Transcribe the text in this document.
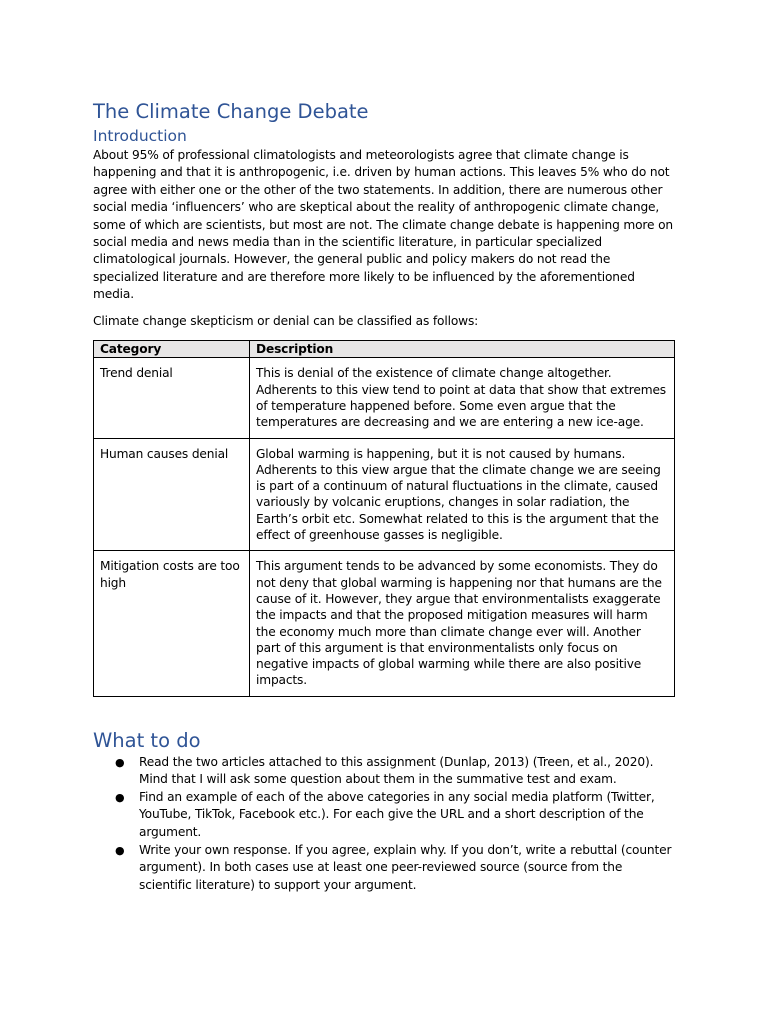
The Climate Change Debate
Introduction

About 95% of professional climatologists and meteorologists agree that climate change is happening and that it is anthropogenic, i.e. driven by human actions. This leaves 5% who do not agree with either one or the other of the two statements. In addition, there are numerous other social media ‘influencers’ who are skeptical about the reality of anthropogenic climate change, some of which are scientists, but most are not. The climate change debate is happening more on social media and news media than in the scientific literature, in particular specialized climatological journals. However, the general public and policy makers do not read the specialized literature and are therefore more likely to be influenced by the aforementioned media.

Climate change skepticism or denial can be classified as follows:

Category	Description
Trend denial	This is denial of the existence of climate change altogether. Adherents to this view tend to point at data that show that extremes of temperature happened before. Some even argue that the temperatures are decreasing and we are entering a new ice-age.
Human causes denial	Global warming is happening, but it is not caused by humans. Adherents to this view argue that the climate change we are seeing is part of a continuum of natural fluctuations in the climate, caused variously by volcanic eruptions, changes in solar radiation, the Earth’s orbit etc. Somewhat related to this is the argument that the effect of greenhouse gasses is negligible.
Mitigation costs are too high	This argument tends to be advanced by some economists. They do not deny that global warming is happening nor that humans are the cause of it. However, they argue that environmentalists exaggerate the impacts and that the proposed mitigation measures will harm the economy much more than climate change ever will. Another part of this argument is that environmentalists only focus on negative impacts of global warming while there are also positive impacts.
What to do
● Read the two articles attached to this assignment (Dunlap, 2013) (Treen, et al., 2020). Mind that I will ask some question about them in the summative test and exam.
● Find an example of each of the above categories in any social media platform (Twitter, YouTube, TikTok, Facebook etc.). For each give the URL and a short description of the argument.
● Write your own response. If you agree, explain why. If you don’t, write a rebuttal (counter argument). In both cases use at least one peer-reviewed source (source from the scientific literature) to support your argument.
